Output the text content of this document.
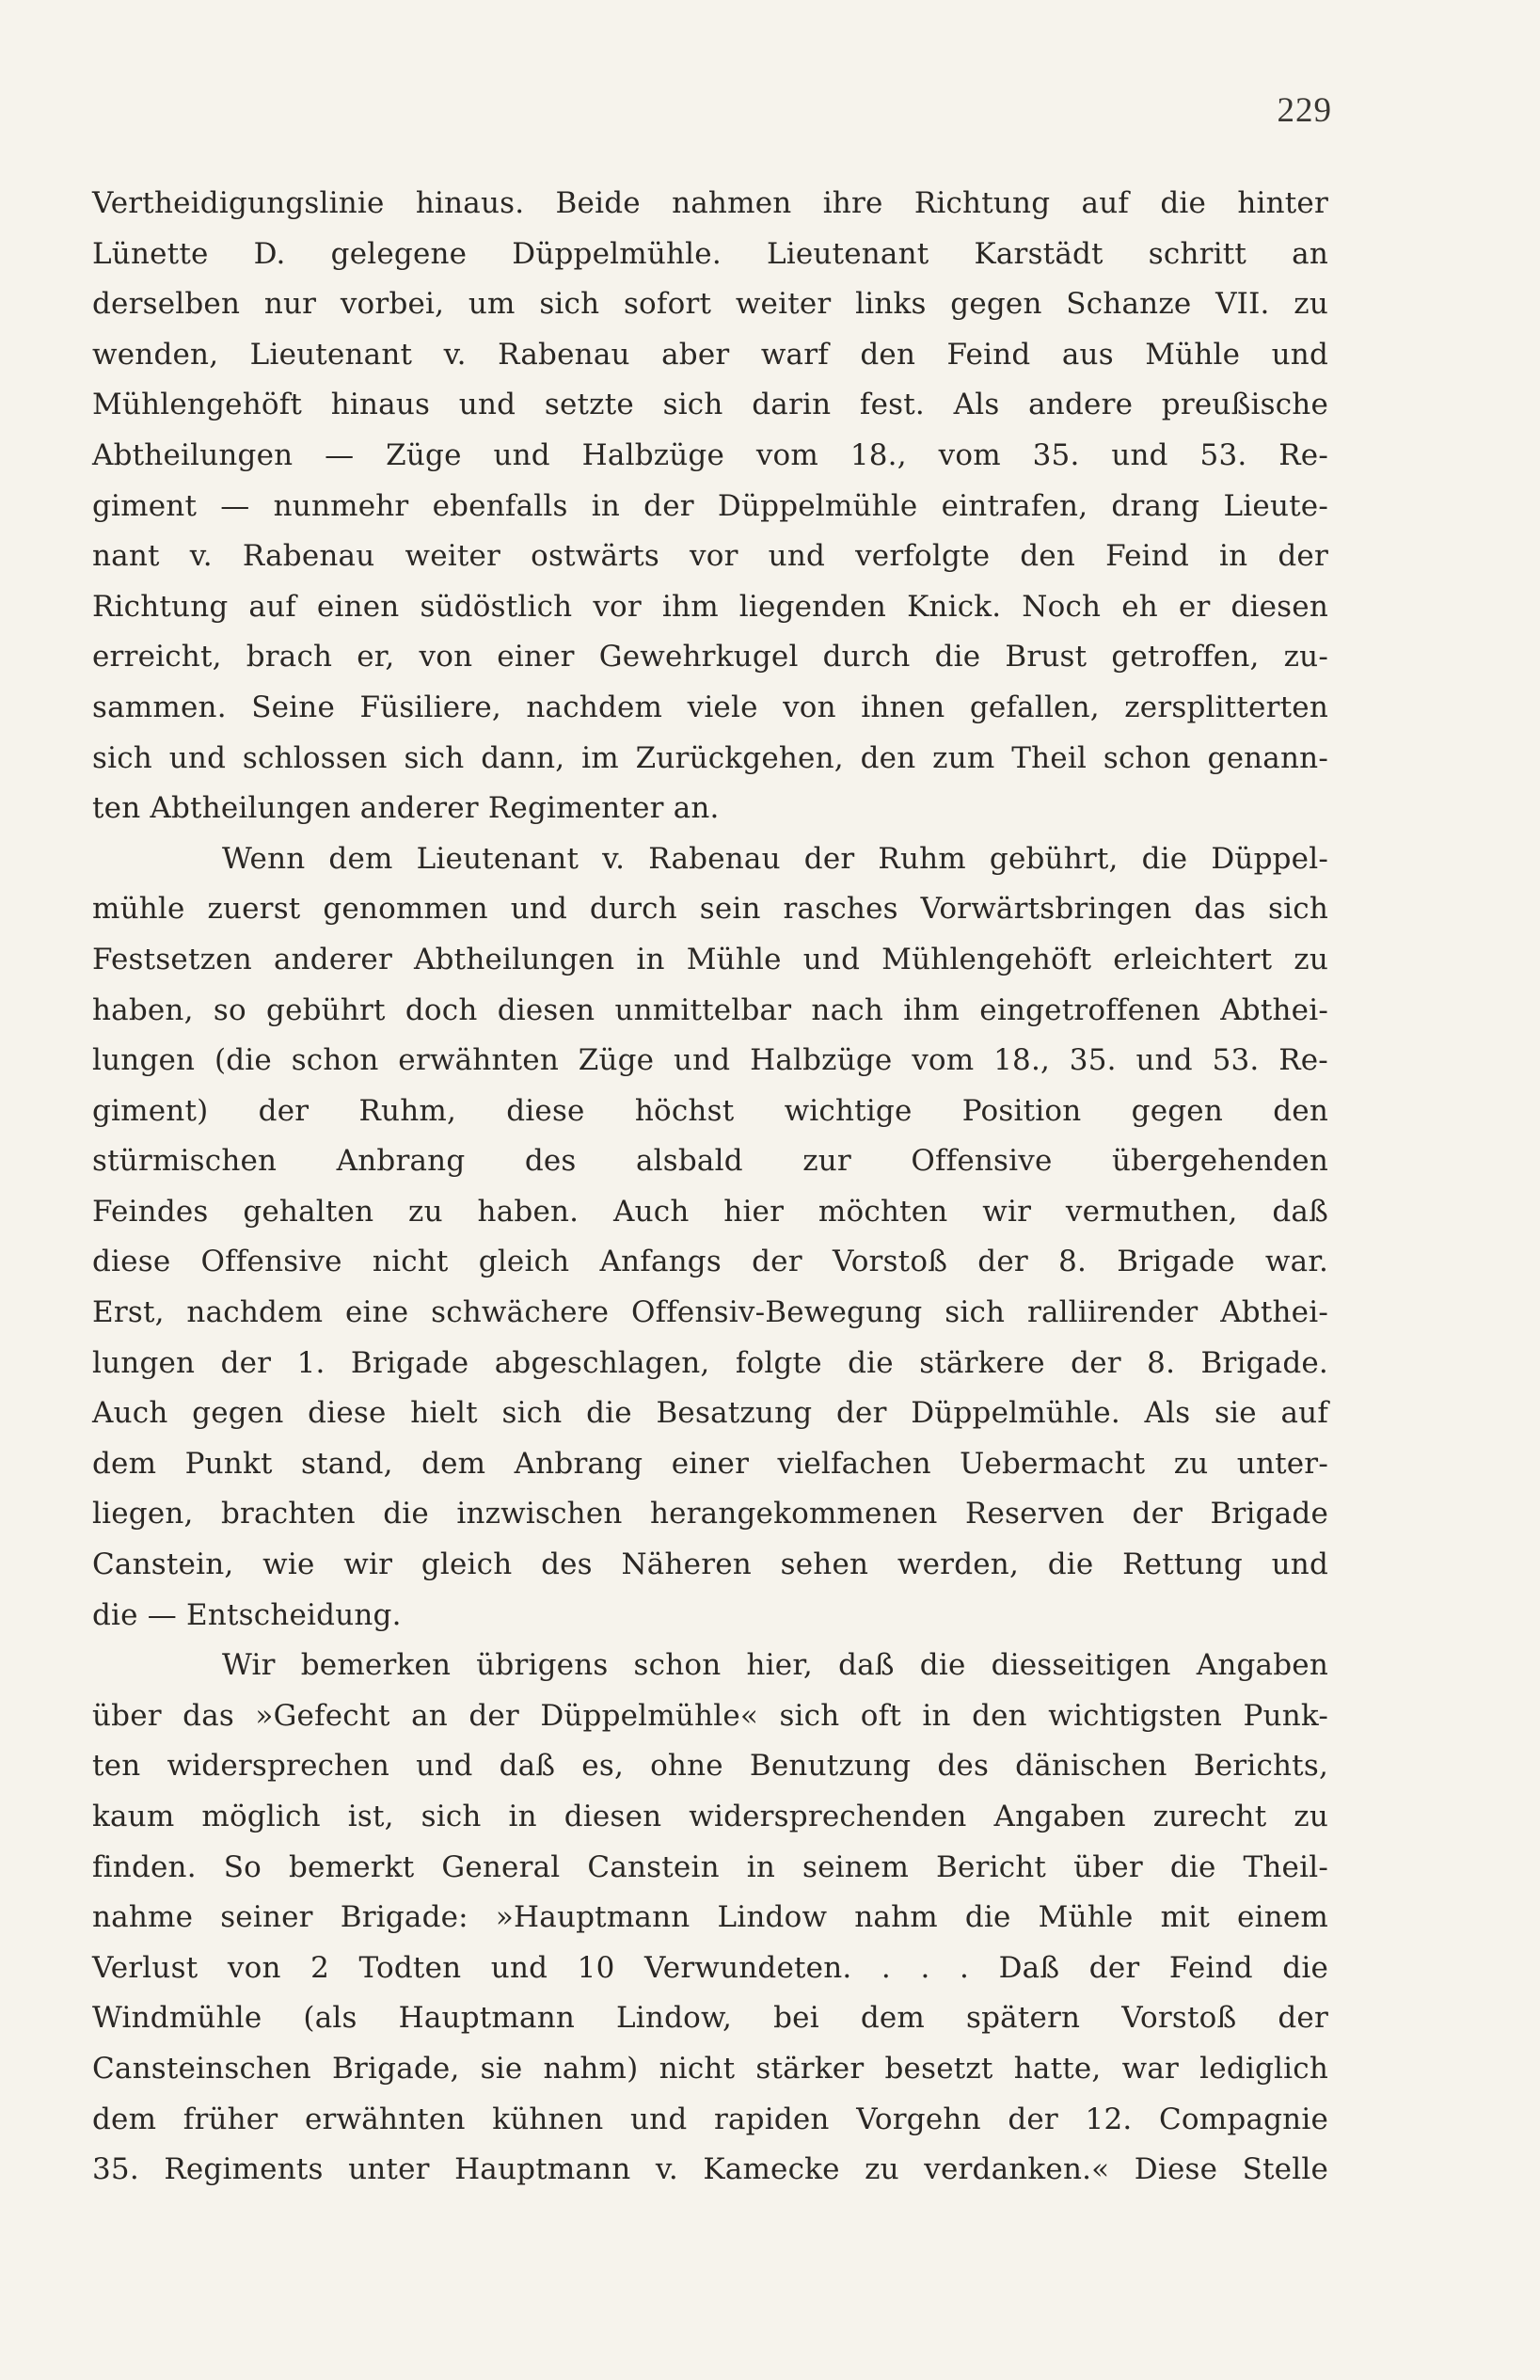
229
Vertheidigungslinie hinaus. Beide nahmen ihre Richtung auf die hinter
Lünette D. gelegene Düppelmühle. Lieutenant Karstädt schritt an
derselben nur vorbei, um sich sofort weiter links gegen Schanze VII. zu
wenden, Lieutenant v. Rabenau aber warf den Feind aus Mühle und
Mühlengehöft hinaus und setzte sich darin fest. Als andere preußische
Abtheilungen — Züge und Halbzüge vom 18., vom 35. und 53. Re-
giment — nunmehr ebenfalls in der Düppelmühle eintrafen, drang Lieute-
nant v. Rabenau weiter ostwärts vor und verfolgte den Feind in der
Richtung auf einen südöstlich vor ihm liegenden Knick. Noch eh er diesen
erreicht, brach er, von einer Gewehrkugel durch die Brust getroffen, zu-
sammen. Seine Füsiliere, nachdem viele von ihnen gefallen, zersplitterten
sich und schlossen sich dann, im Zurückgehen, den zum Theil schon genann-
ten Abtheilungen anderer Regimenter an.
Wenn dem Lieutenant v. Rabenau der Ruhm gebührt, die Düppel-
mühle zuerst genommen und durch sein rasches Vorwärtsbringen das sich
Festsetzen anderer Abtheilungen in Mühle und Mühlengehöft erleichtert zu
haben, so gebührt doch diesen unmittelbar nach ihm eingetroffenen Abthei-
lungen (die schon erwähnten Züge und Halbzüge vom 18., 35. und 53. Re-
giment) der Ruhm, diese höchst wichtige Position gegen den
stürmischen Anbrang des alsbald zur Offensive übergehenden
Feindes gehalten zu haben. Auch hier möchten wir vermuthen, daß
diese Offensive nicht gleich Anfangs der Vorstoß der 8. Brigade war.
Erst, nachdem eine schwächere Offensiv-Bewegung sich ralliirender Abthei-
lungen der 1. Brigade abgeschlagen, folgte die stärkere der 8. Brigade.
Auch gegen diese hielt sich die Besatzung der Düppelmühle. Als sie auf
dem Punkt stand, dem Anbrang einer vielfachen Uebermacht zu unter-
liegen, brachten die inzwischen herangekommenen Reserven der Brigade
Canstein, wie wir gleich des Näheren sehen werden, die Rettung und
die — Entscheidung.
Wir bemerken übrigens schon hier, daß die diesseitigen Angaben
über das »Gefecht an der Düppelmühle« sich oft in den wichtigsten Punk-
ten widersprechen und daß es, ohne Benutzung des dänischen Berichts,
kaum möglich ist, sich in diesen widersprechenden Angaben zurecht zu
finden. So bemerkt General Canstein in seinem Bericht über die Theil-
nahme seiner Brigade: »Hauptmann Lindow nahm die Mühle mit einem
Verlust von 2 Todten und 10 Verwundeten. . . . Daß der Feind die
Windmühle (als Hauptmann Lindow, bei dem spätern Vorstoß der
Cansteinschen Brigade, sie nahm) nicht stärker besetzt hatte, war lediglich
dem früher erwähnten kühnen und rapiden Vorgehn der 12. Compagnie
35. Regiments unter Hauptmann v. Kamecke zu verdanken.« Diese Stelle
